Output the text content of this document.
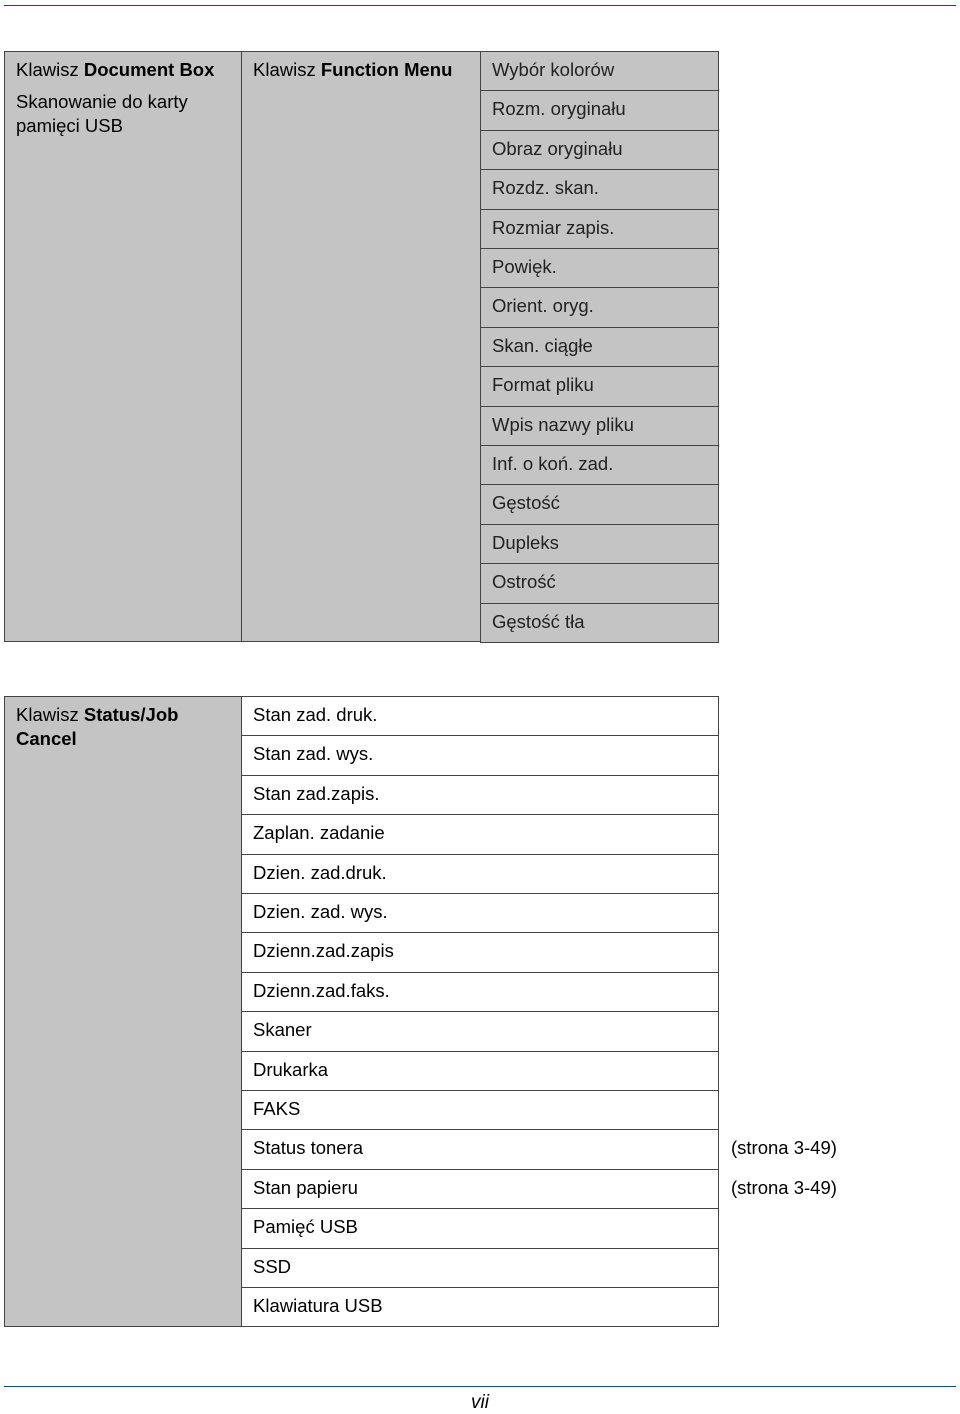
Klawisz Document Box
Skanowanie do karty pamięci USB
Klawisz Function Menu	Wybór kolorów
Rozm. oryginału
Obraz oryginału
Rozdz. skan.
Rozmiar zapis.
Powięk.
Orient. oryg.
Skan. ciągłe
Format pliku
Wpis nazwy pliku
Inf. o koń. zad.
Gęstość
Dupleks
Ostrość
Gęstość tła
Klawisz Status/Job Cancel
Stan zad. druk.
Stan zad. wys.
Stan zad.zapis.
Zaplan. zadanie
Dzien. zad.druk.
Dzien. zad. wys.
Dzienn.zad.zapis
Dzienn.zad.faks.
Skaner
Drukarka
FAKS
Status tonera
Stan papieru
Pamięć USB
SSD
Klawiatura USB
(strona 3-49)
(strona 3-49)
vii
